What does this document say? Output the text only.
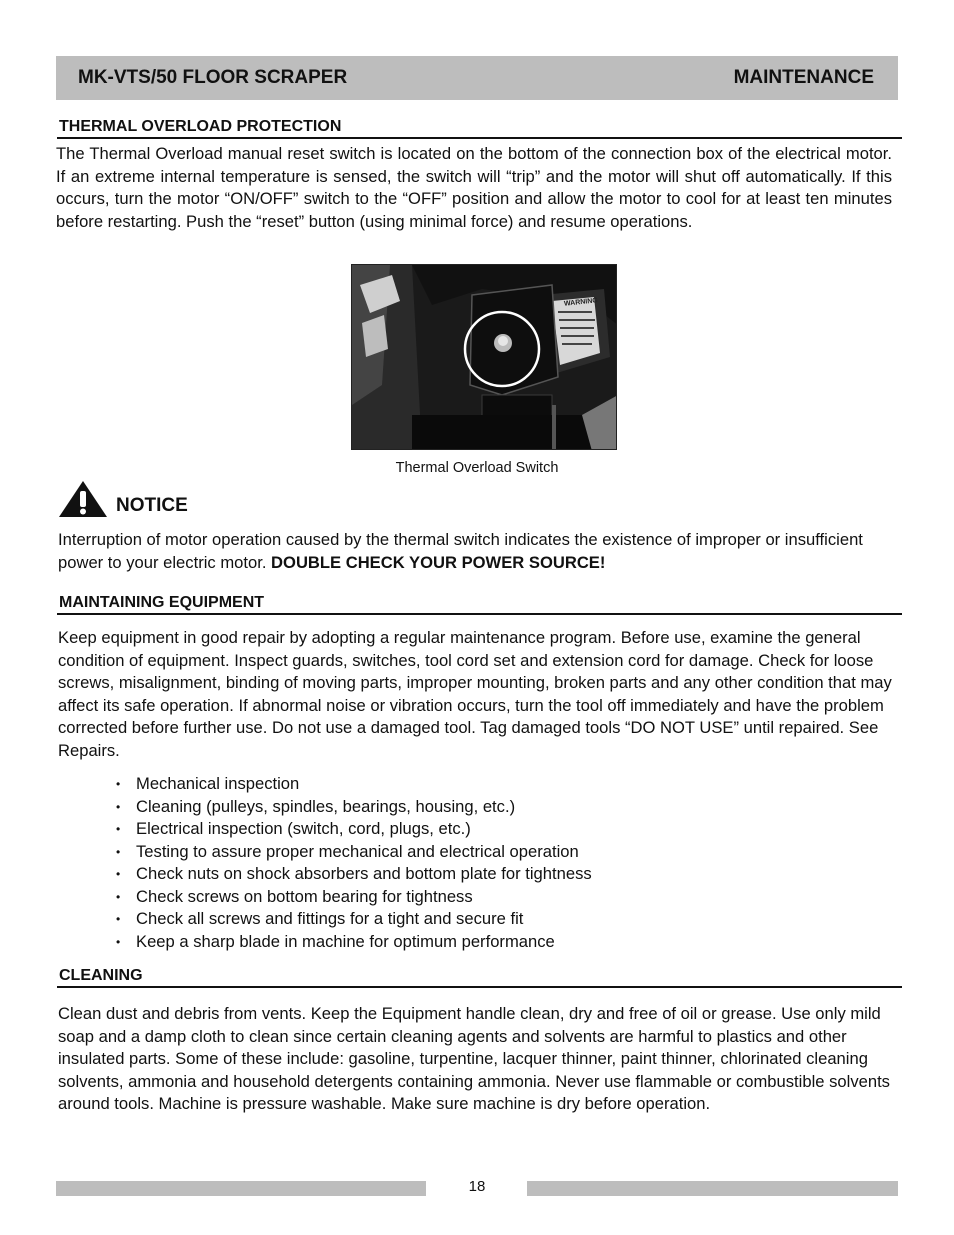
MK-VTS/50 FLOOR SCRAPER	MAINTENANCE
THERMAL OVERLOAD PROTECTION

The Thermal Overload manual reset switch is located on the bottom of the connection box of the electrical motor. If an extreme internal temperature is sensed, the switch will “trip” and the motor will shut off automatically. If this occurs, turn the motor “ON/OFF” switch to the “OFF” position and allow the motor to cool for at least ten minutes before restarting. Push the “reset” button (using minimal force) and resume operations.

WARNING
Thermal Overload Switch
NOTICE

Interruption of motor operation caused by the thermal switch indicates the existence of improper or insufficient power to your electric motor. DOUBLE CHECK YOUR POWER SOURCE!

MAINTAINING EQUIPMENT

Keep equipment in good repair by adopting a regular maintenance program. Before use, examine the general condition of equipment. Inspect guards, switches, tool cord set and extension cord for damage. Check for loose screws, misalignment, binding of moving parts, improper mounting, broken parts and any other condition that may affect its safe operation. If abnormal noise or vibration occurs, turn the tool off immediately and have the problem corrected before further use. Do not use a damaged tool. Tag damaged tools “DO NOT USE” until repaired. See Repairs.

• Mechanical inspection
• Cleaning (pulleys, spindles, bearings, housing, etc.)
• Electrical inspection (switch, cord, plugs, etc.)
• Testing to assure proper mechanical and electrical operation
• Check nuts on shock absorbers and bottom plate for tightness
• Check screws on bottom bearing for tightness
• Check all screws and fittings for a tight and secure fit
• Keep a sharp blade in machine for optimum performance
CLEANING

Clean dust and debris from vents. Keep the Equipment handle clean, dry and free of oil or grease. Use only mild soap and a damp cloth to clean since certain cleaning agents and solvents are harmful to plastics and other insulated parts. Some of these include: gasoline, turpentine, lacquer thinner, paint thinner, chlorinated cleaning solvents, ammonia and household detergents containing ammonia. Never use flammable or combustible solvents around tools. Machine is pressure washable. Make sure machine is dry before operation.

18
